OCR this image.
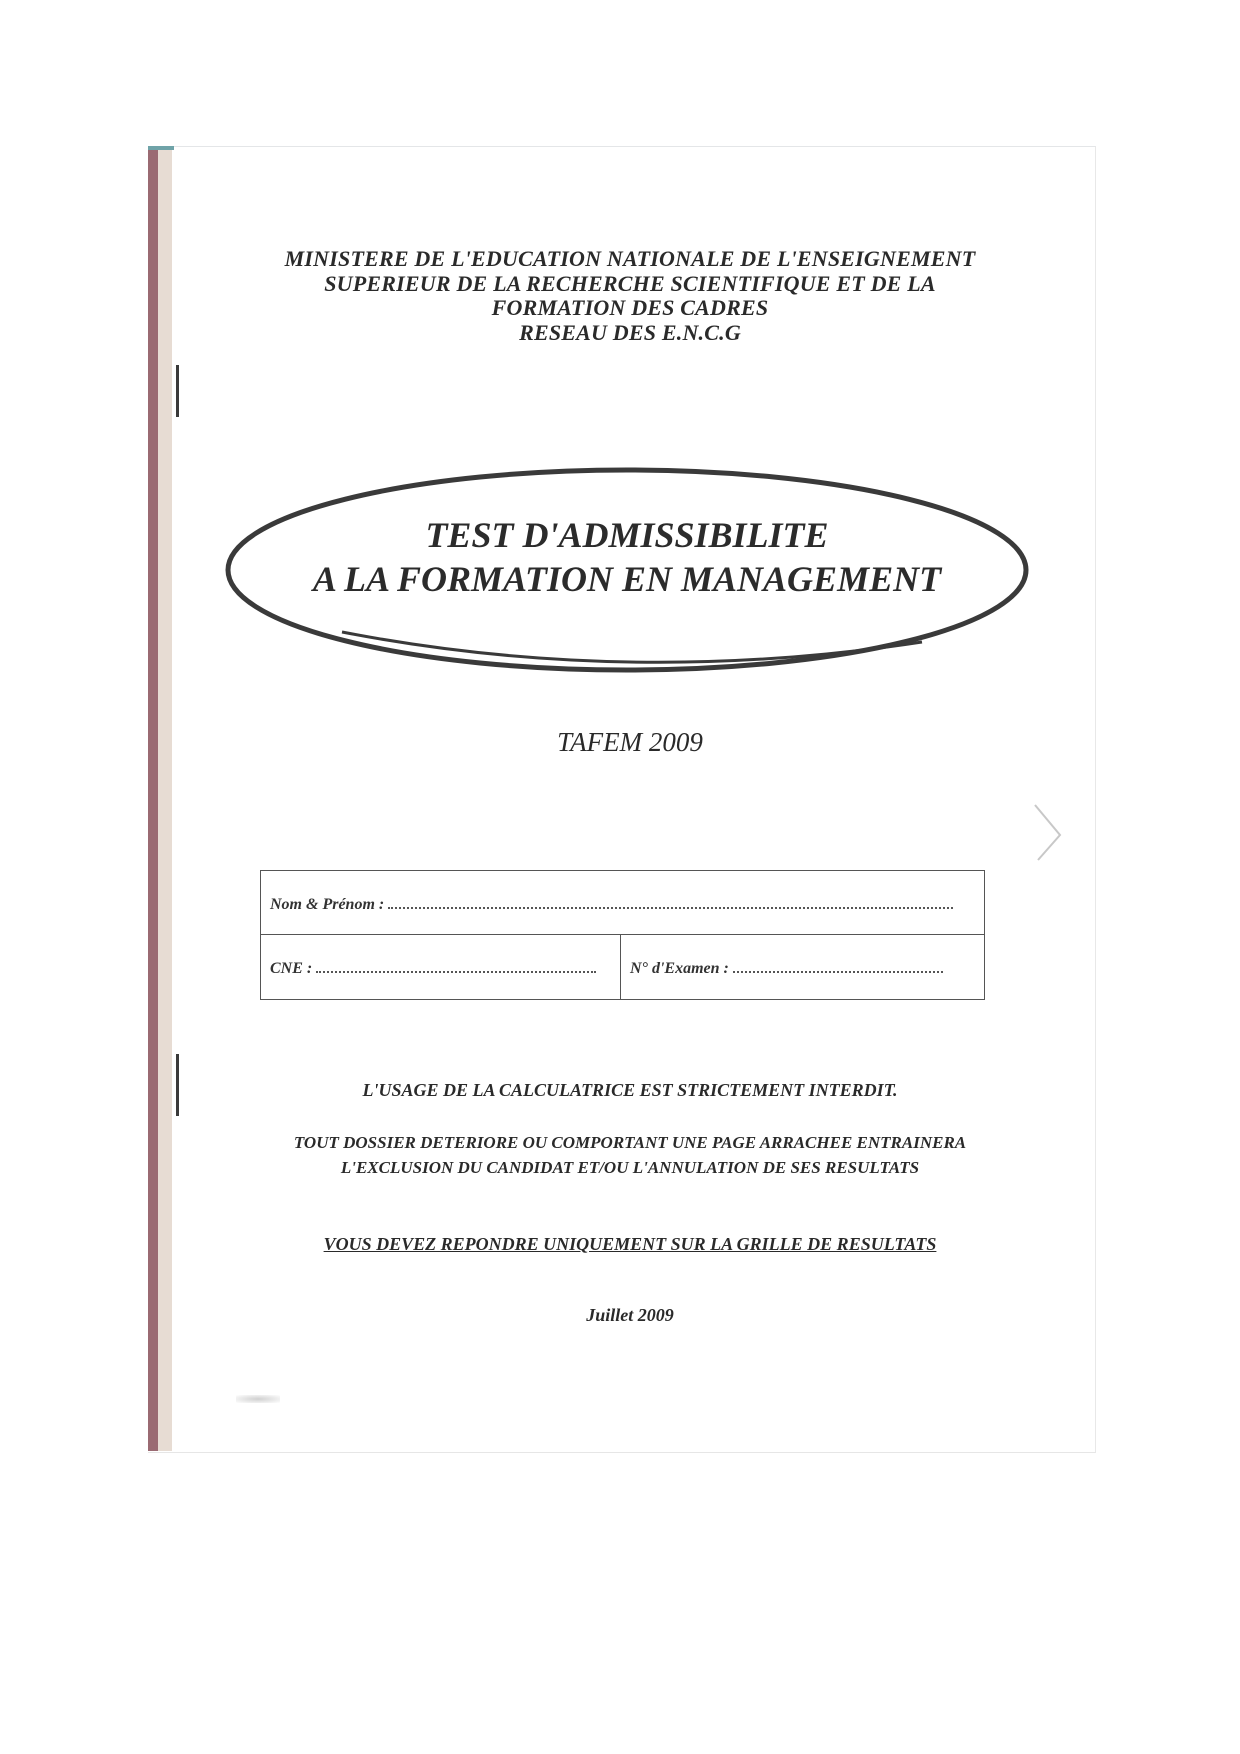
MINISTERE DE L'EDUCATION NATIONALE DE L'ENSEIGNEMENT
SUPERIEUR DE LA RECHERCHE SCIENTIFIQUE ET DE LA
FORMATION DES CADRES
RESEAU DES E.N.C.G
TEST D'ADMISSIBILITE
A LA FORMATION EN MANAGEMENT
TAFEM 2009
Nom & Prénom :
CNE :	N° d'Examen :
L'USAGE DE LA CALCULATRICE EST STRICTEMENT INTERDIT.
TOUT DOSSIER DETERIORE OU COMPORTANT UNE PAGE ARRACHEE ENTRAINERA
L'EXCLUSION DU CANDIDAT ET/OU L'ANNULATION DE SES RESULTATS
VOUS DEVEZ REPONDRE UNIQUEMENT SUR LA GRILLE DE RESULTATS
Juillet 2009
